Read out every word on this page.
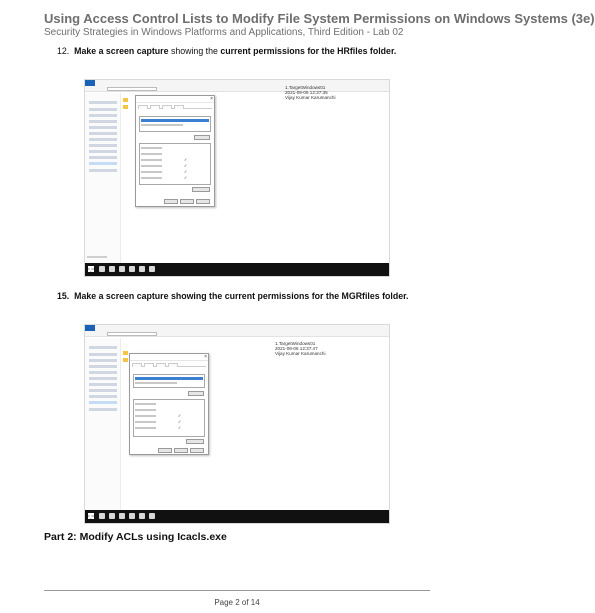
Using Access Control Lists to Modify File System Permissions on Windows Systems (3e)
Security Strategies in Windows Platforms and Applications, Third Edition - Lab 02
12. Make a screen capture showing the current permissions for the HRfiles folder.
1.TargetWindows01
2021-09-06 12:37:35
Vijay Kumar Karumanchi
×
✓
✓
✓
✓
15. Make a screen capture showing the current permissions for the MGRfiles folder.
1.TargetWindows01
2021-09-06 12:37:47
Vijay Kumar Karumanchi
×
✓
✓
✓
Part 2: Modify ACLs using Icacls.exe
Page 2 of 14
